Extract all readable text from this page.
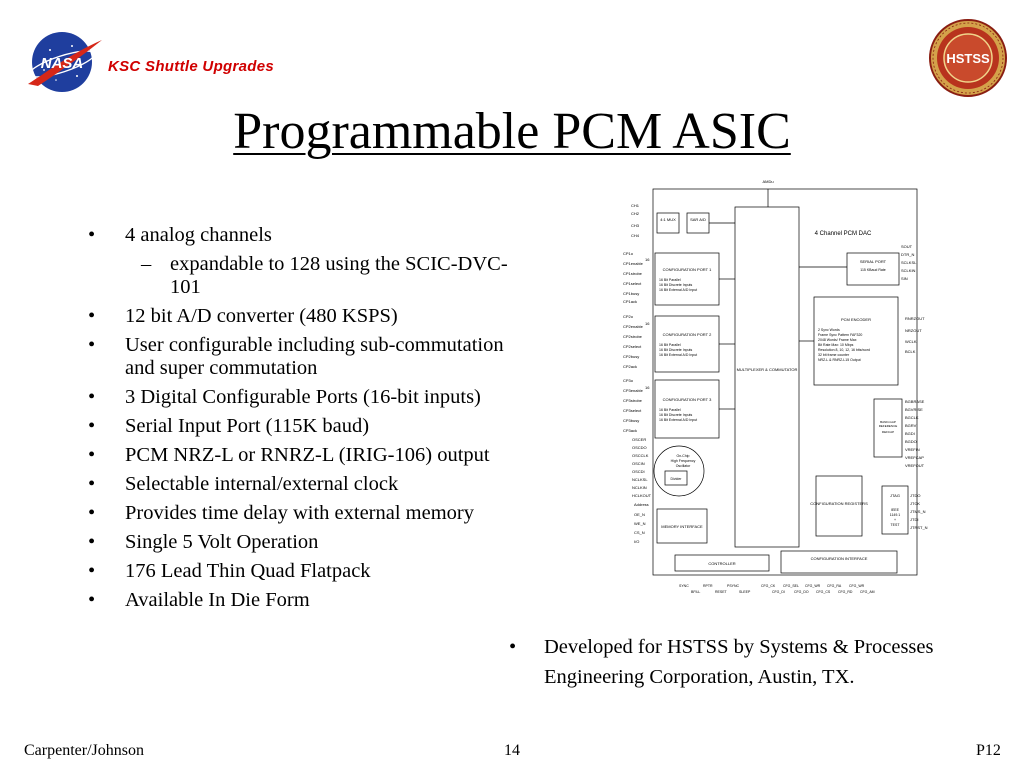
NASA KSC Shuttle Upgrades	HSTSS
Programmable PCM ASIC
• 4 analog channels
– expandable to 128 using the SCIC-DVC-101
• 12 bit A/D converter (480 KSPS)
• User configurable including sub-commutation and super commutation
• 3 Digital Configurable Ports (16-bit inputs)
• Serial Input Port (115K baud)
• PCM NRZ-L or RNRZ-L (IRIG-106) output
• Selectable internal/external clock
• Provides time delay with external memory
• Single 5 Volt Operation
• 176 Lead Thin Quad Flatpack
• Available In Die Form
• Developed for HSTSS by Systems & Processes Engineering Corporation, Austin, TX.
AMDu
CH1
CH2
CH3
CH4
4:1 MUX	SAR A/D
4 Channel PCM DAC
MULTIPLEXER & COMMUTATOR
CP1o
CP1enable
CP1strobe
CP1select
CP1busy
CP1ack
CONFIGURATION PORT 1
16 Bit Parallel
16 Bit Discrete Inputs
16 Bit External A/D Input
CP2o
CP2enable
CP2strobe
CP2select
CP2busy
CP2ack
CONFIGURATION PORT 2
16 Bit Parallel
16 Bit Discrete Inputs
16 Bit External A/D Input
CP3o
CP3enable
CP3strobe
CP3select
CP3busy
CP3ack
CONFIGURATION PORT 3
16 Bit Parallel
16 Bit Discrete Inputs
16 Bit External A/D Input
16
16
16
OSCER
OSCDO
OSCCLK
OSCIN
OSCDI
NCLKSL
NCLKIN
HCLKOUT
On-Chip
High Frequency
Oscillator
Divider
Address
OE_N
WE_N
CS_N
I/O
MEMORY INTERFACE
SERIAL PORT
115 KBaud Rate
SOUT
DTR_N
SCLKSL
SCLKIN
SIN
PCM ENCODER
2 Sync Words
Frame Sync Pattern FAF320
2048 Words/ Frame Max
Bit Rate Max: 10 Mbps
Resolution 8, 10, 12, 16 bits/word
32 bit frame counter
NRZ-L & RNRZ-L15 Output
RNRZOUT
NRZOUT
WCLK
BCLK
BAND-GAP
REFERENCE
REFCAP
BGBRASE
BGVRISE
BGCLK
BGRV
BGDI
BGDO
VREFIN
VREFCAP
VREFOUT
CONFIGURATION REGISTERS
JTAG
IEEE
1149.1
+
TEST
JTDO
JTCK
JTMS_N
JTDI
JTRST_N
CONTROLLER
CONFIGURATION INTERFACE
SYNC
BFILL
RPTR
RESET
PSYNC
SLEEP
CFG_CK
CFG_DI
CFG_SEL
CFG_DO
CFG_WR
CFG_CS
CFG_RA
CFG_RD
CFG_WR
CFG_AM
Carpenter/Johnson	14	P12
